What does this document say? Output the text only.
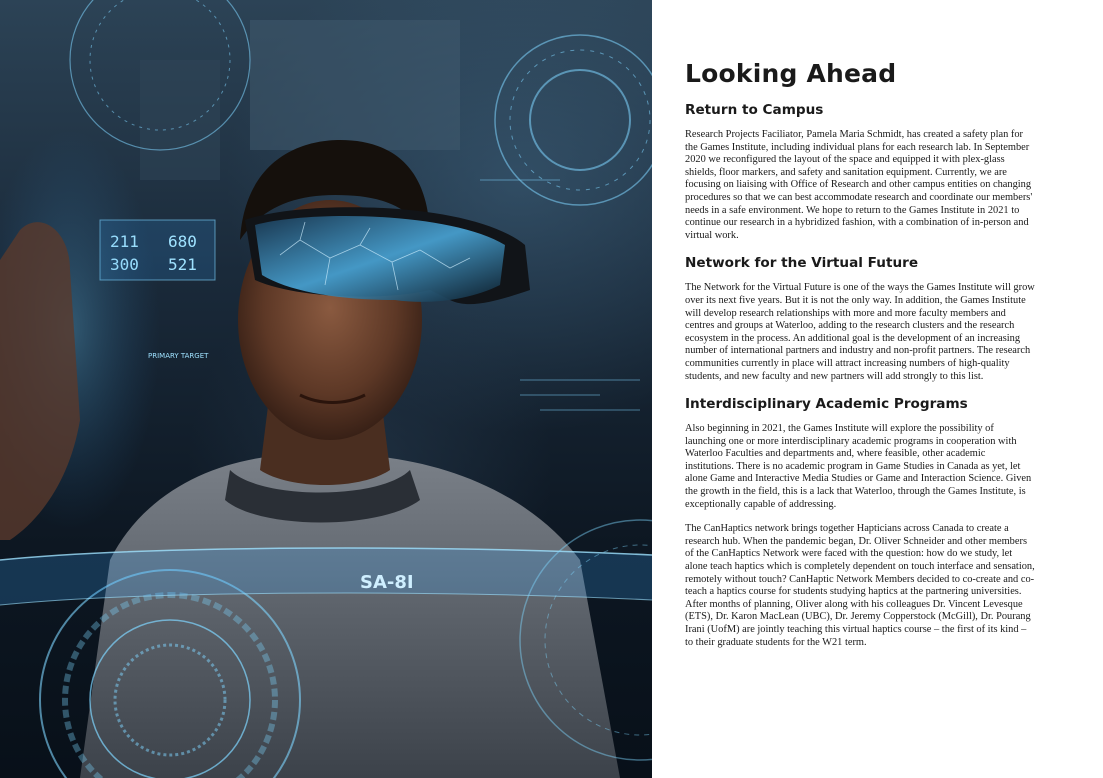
211 680
300 521
PRIMARY TARGET
SA-8I
Looking Ahead
Return to Campus

Research Projects Faciliator, Pamela Maria Schmidt, has created a safety plan for the Games Institute, including individual plans for each research lab. In September 2020 we reconfigured the layout of the space and equipped it with plex-glass shields, floor markers, and safety and sanitation equipment. Currently, we are focusing on liaising with Office of Research and other campus entities on changing procedures so that we can best accommodate research and coordinate our members' needs in a safe environment. We hope to return to the Games Institute in 2021 to continue our research in a hybridized fashion, with a combination of in-person and virtual work.

Network for the Virtual Future

The Network for the Virtual Future is one of the ways the Games Institute will grow over its next five years. But it is not the only way. In addition, the Games Institute will develop research relationships with more and more faculty members and centres and groups at Waterloo, adding to the research clusters and the research ecosystem in the process. An additional goal is the development of an increasing number of international partners and industry and non-profit partners. The research communities currently in place will attract increasing numbers of high-quality students, and new faculty and new partners will add strongly to this list.

Interdisciplinary Academic Programs

Also beginning in 2021, the Games Institute will explore the possibility of launching one or more interdisciplinary academic programs in cooperation with Waterloo Faculties and departments and, where feasible, other academic institutions. There is no academic program in Game Studies in Canada as yet, let alone Game and Interactive Media Studies or Game and Interaction Science. Given the growth in the field, this is a lack that Waterloo, through the Games Institute, is exceptionally capable of addressing.

The CanHaptics network brings together Hapticians across Canada to create a research hub. When the pandemic began, Dr. Oliver Schneider and other members of the CanHaptics Network were faced with the question: how do we study, let alone teach haptics which is completely dependent on touch interface and sensation, remotely without touch? CanHaptic Network Members decided to co-create and co-teach a haptics course for students studying haptics at the partnering universities. After months of planning, Oliver along with his colleagues Dr. Vincent Levesque (ETS), Dr. Karon MacLean (UBC), Dr. Jeremy Copperstock (McGill), Dr. Pourang Irani (UofM) are jointly teaching this virtual haptics course – the first of its kind – to their graduate students for the W21 term.
